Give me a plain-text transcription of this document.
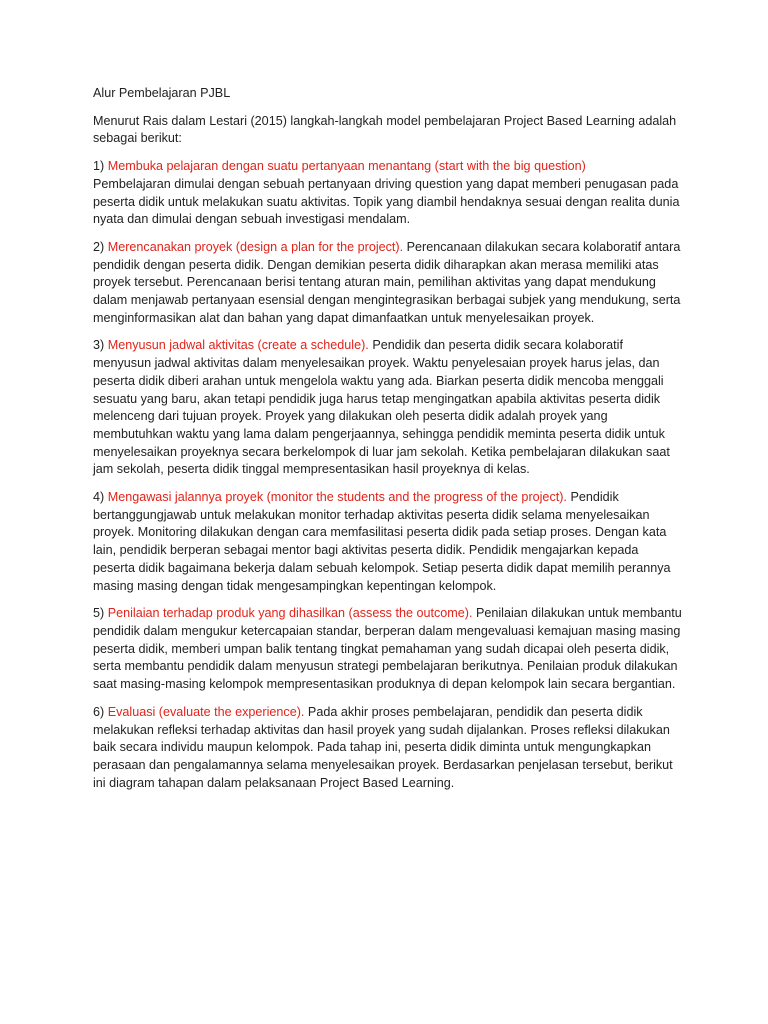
Alur Pembelajaran PJBL

Menurut Rais dalam Lestari (2015) langkah-langkah model pembelajaran Project Based Learning adalah sebagai berikut:

1) Membuka pelajaran dengan suatu pertanyaan menantang (start with the big question)
Pembelajaran dimulai dengan sebuah pertanyaan driving question yang dapat memberi penugasan pada peserta didik untuk melakukan suatu aktivitas. Topik yang diambil hendaknya sesuai dengan realita dunia nyata dan dimulai dengan sebuah investigasi mendalam.

2) Merencanakan proyek (design a plan for the project). Perencanaan dilakukan secara kolaboratif antara pendidik dengan peserta didik. Dengan demikian peserta didik diharapkan akan merasa memiliki atas proyek tersebut. Perencanaan berisi tentang aturan main, pemilihan aktivitas yang dapat mendukung dalam menjawab pertanyaan esensial dengan mengintegrasikan berbagai subjek yang mendukung, serta menginformasikan alat dan bahan yang dapat dimanfaatkan untuk menyelesaikan proyek.

3) Menyusun jadwal aktivitas (create a schedule). Pendidik dan peserta didik secara kolaboratif menyusun jadwal aktivitas dalam menyelesaikan proyek. Waktu penyelesaian proyek harus jelas, dan peserta didik diberi arahan untuk mengelola waktu yang ada. Biarkan peserta didik mencoba menggali sesuatu yang baru, akan tetapi pendidik juga harus tetap mengingatkan apabila aktivitas peserta didik melenceng dari tujuan proyek. Proyek yang dilakukan oleh peserta didik adalah proyek yang membutuhkan waktu yang lama dalam pengerjaannya, sehingga pendidik meminta peserta didik untuk menyelesaikan proyeknya secara berkelompok di luar jam sekolah. Ketika pembelajaran dilakukan saat jam sekolah, peserta didik tinggal mempresentasikan hasil proyeknya di kelas.

4) Mengawasi jalannya proyek (monitor the students and the progress of the project). Pendidik bertanggungjawab untuk melakukan monitor terhadap aktivitas peserta didik selama menyelesaikan proyek. Monitoring dilakukan dengan cara memfasilitasi peserta didik pada setiap proses. Dengan kata lain, pendidik berperan sebagai mentor bagi aktivitas peserta didik. Pendidik mengajarkan kepada peserta didik bagaimana bekerja dalam sebuah kelompok. Setiap peserta didik dapat memilih perannya masing masing dengan tidak mengesampingkan kepentingan kelompok.

5) Penilaian terhadap produk yang dihasilkan (assess the outcome). Penilaian dilakukan untuk membantu pendidik dalam mengukur ketercapaian standar, berperan dalam mengevaluasi kemajuan masing masing peserta didik, memberi umpan balik tentang tingkat pemahaman yang sudah dicapai oleh peserta didik, serta membantu pendidik dalam menyusun strategi pembelajaran berikutnya. Penilaian produk dilakukan saat masing-masing kelompok mempresentasikan produknya di depan kelompok lain secara bergantian.

6) Evaluasi (evaluate the experience). Pada akhir proses pembelajaran, pendidik dan peserta didik melakukan refleksi terhadap aktivitas dan hasil proyek yang sudah dijalankan. Proses refleksi dilakukan baik secara individu maupun kelompok. Pada tahap ini, peserta didik diminta untuk mengungkapkan perasaan dan pengalamannya selama menyelesaikan proyek. Berdasarkan penjelasan tersebut, berikut ini diagram tahapan dalam pelaksanaan Project Based Learning.
